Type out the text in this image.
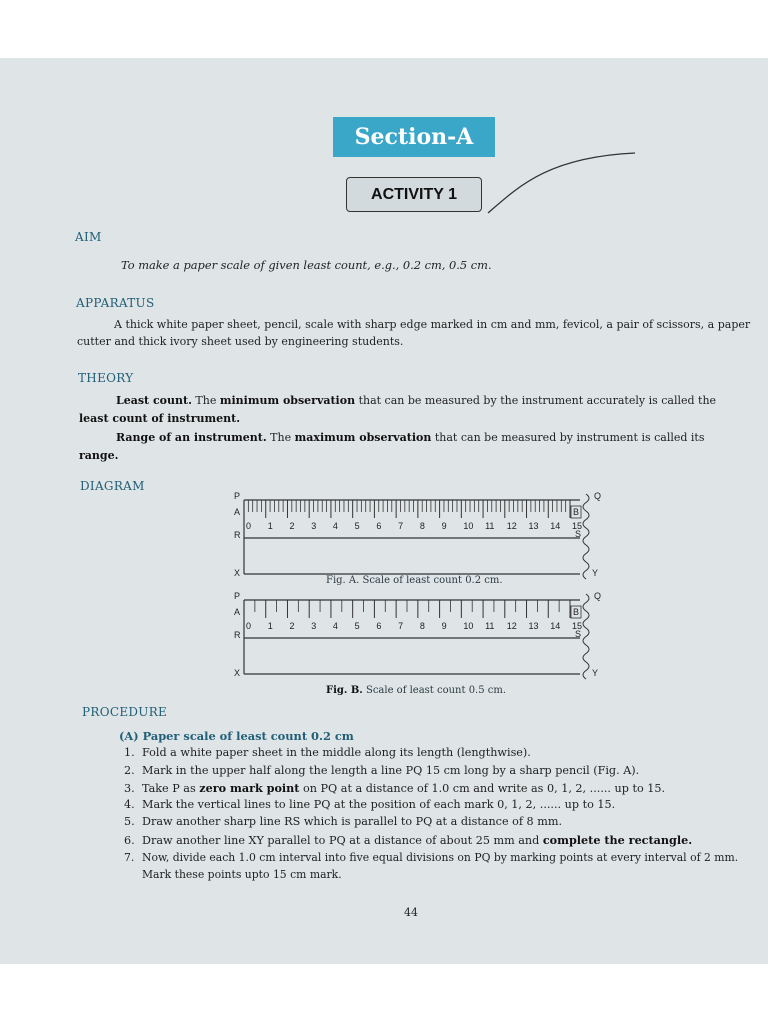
Section-A
ACTIVITY 1
AIM
To make a paper scale of given least count, e.g., 0.2 cm, 0.5 cm.
APPARATUS
A thick white paper sheet, pencil, scale with sharp edge marked in cm and mm, fevicol, a pair of scissors, a paper
cutter and thick ivory sheet used by engineering students.
THEORY
Least count. The minimum observation that can be measured by the instrument accurately is called the
least count of instrument.
Range of an instrument. The maximum observation that can be measured by instrument is called its
range.
DIAGRAM
0 1 2 3 4 5 6 7 8 9 10 11 12 13 14 15
P
A
R
X
Q
B
S
Y
Fig. A. Scale of least count 0.2 cm.
0 1 2 3 4 5 6 7 8 9 10 11 12 13 14 15
P
A
R
X
Q
B
S
Y
Fig. B. Scale of least count 0.5 cm.
PROCEDURE
(A) Paper scale of least count 0.2 cm
1. Fold a white paper sheet in the middle along its length (lengthwise).
2. Mark in the upper half along the length a line PQ 15 cm long by a sharp pencil (Fig. A).
3. Take P as zero mark point on PQ at a distance of 1.0 cm and write as 0, 1, 2, ...... up to 15.
4. Mark the vertical lines to line PQ at the position of each mark 0, 1, 2, ...... up to 15.
5. Draw another sharp line RS which is parallel to PQ at a distance of 8 mm.
6. Draw another line XY parallel to PQ at a distance of about 25 mm and complete the rectangle.
7. Now, divide each 1.0 cm interval into five equal divisions on PQ by marking points at every interval of 2 mm.
Mark these points upto 15 cm mark.
44
